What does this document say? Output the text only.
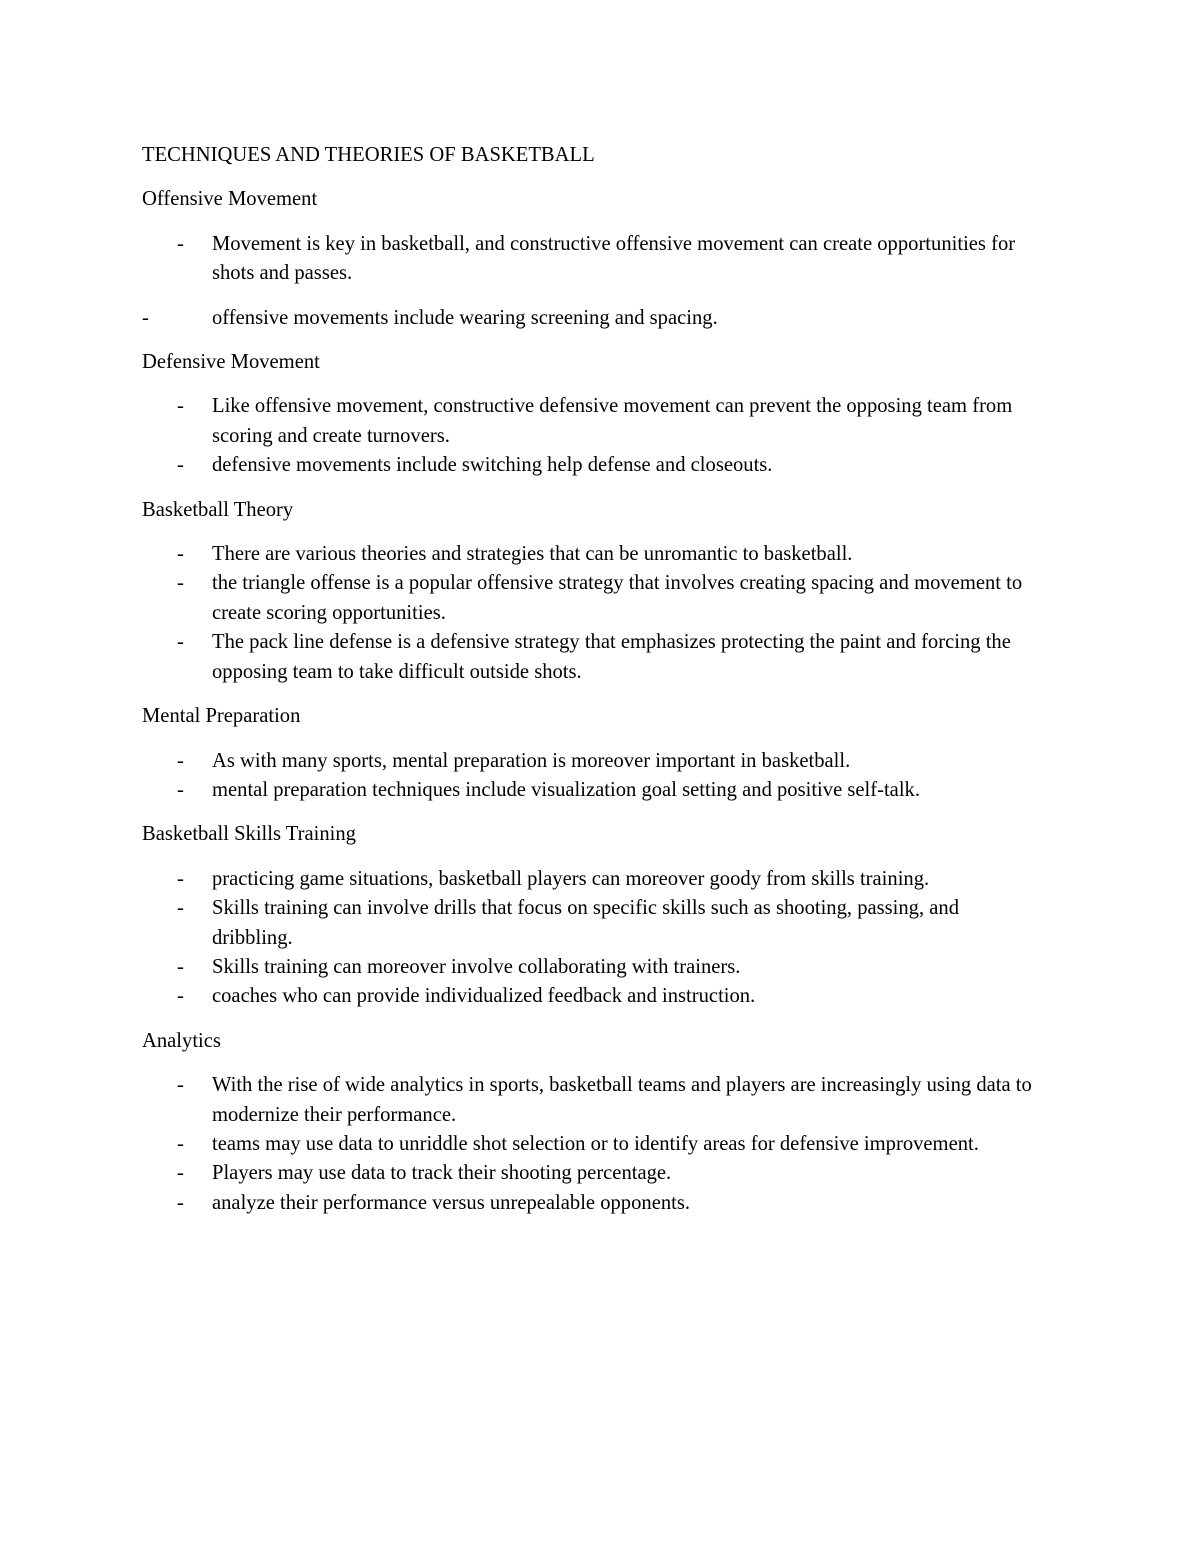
TECHNIQUES AND THEORIES OF BASKETBALL

Offensive Movement

- Movement is key in basketball, and constructive offensive movement can create opportunities for shots and passes.
-	offensive movements include wearing screening and spacing.

Defensive Movement

- Like offensive movement, constructive defensive movement can prevent the opposing team from scoring and create turnovers.
- defensive movements include switching help defense and closeouts.

Basketball Theory

- There are various theories and strategies that can be unromantic to basketball.
- the triangle offense is a popular offensive strategy that involves creating spacing and movement to create scoring opportunities.
- The pack line defense is a defensive strategy that emphasizes protecting the paint and forcing the opposing team to take difficult outside shots.

Mental Preparation

- As with many sports, mental preparation is moreover important in basketball.
- mental preparation techniques include visualization goal setting and positive self-talk.

Basketball Skills Training

- practicing game situations, basketball players can moreover goody from skills training.
- Skills training can involve drills that focus on specific skills such as shooting, passing, and dribbling.
- Skills training can moreover involve collaborating with trainers.
- coaches who can provide individualized feedback and instruction.

Analytics

- With the rise of wide analytics in sports, basketball teams and players are increasingly using data to modernize their performance.
- teams may use data to unriddle shot selection or to identify areas for defensive improvement.
- Players may use data to track their shooting percentage.
- analyze their performance versus unrepealable opponents.
